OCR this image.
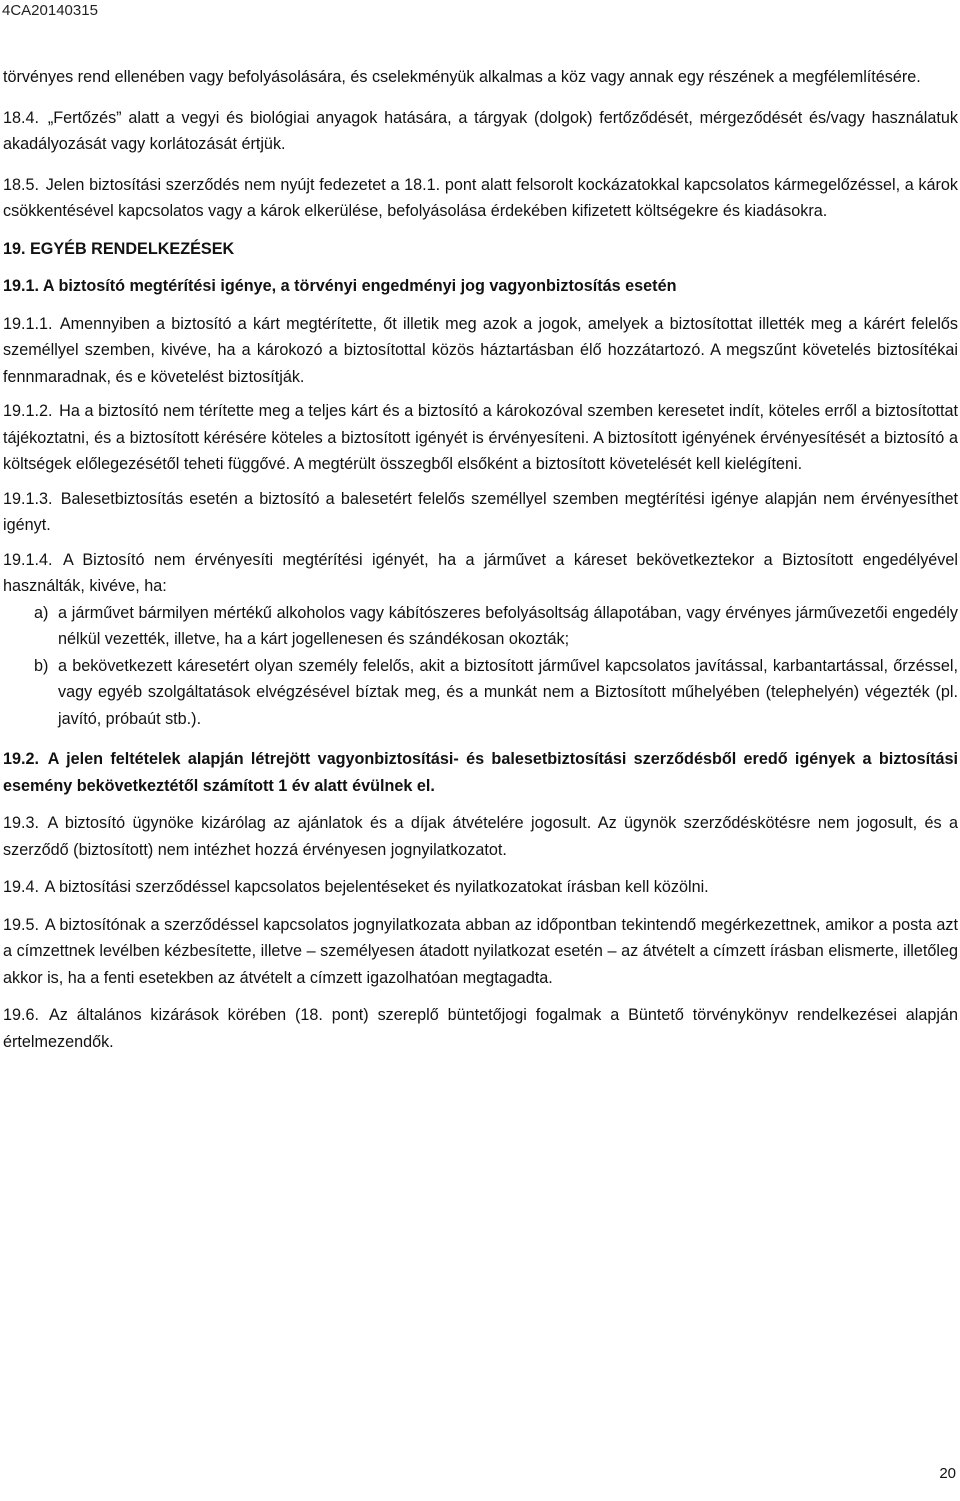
4CA20140315

törvényes rend ellenében vagy befolyásolására, és cselekményük alkalmas a köz vagy annak egy részének a megfélemlítésére.

18.4. „Fertőzés” alatt a vegyi és biológiai anyagok hatására, a tárgyak (dolgok) fertőződését, mérgeződését és/vagy használatuk akadályozását vagy korlátozását értjük.

18.5. Jelen biztosítási szerződés nem nyújt fedezetet a 18.1. pont alatt felsorolt kockázatokkal kapcsolatos kármegelőzéssel, a károk csökkentésével kapcsolatos vagy a károk elkerülése, befolyásolása érdekében kifizetett költségekre és kiadásokra.

19. EGYÉB RENDELKEZÉSEK
19.1. A biztosító megtérítési igénye, a törvényi engedményi jog vagyonbiztosítás esetén

19.1.1. Amennyiben a biztosító a kárt megtérítette, őt illetik meg azok a jogok, amelyek a biztosítottat illették meg a kárért felelős személlyel szemben, kivéve, ha a károkozó a biztosítottal közös háztartásban élő hozzátartozó. A megszűnt követelés biztosítékai fennmaradnak, és e követelést biztosítják.

19.1.2. Ha a biztosító nem térítette meg a teljes kárt és a biztosító a károkozóval szemben keresetet indít, köteles erről a biztosítottat tájékoztatni, és a biztosított kérésére köteles a biztosított igényét is érvényesíteni. A biztosított igényének érvényesítését a biztosító a költségek előlegezésétől teheti függővé. A megtérült összegből elsőként a biztosított követelését kell kielégíteni.

19.1.3. Balesetbiztosítás esetén a biztosító a balesetért felelős személlyel szemben megtérítési igénye alapján nem érvényesíthet igényt.

19.1.4. A Biztosító nem érvényesíti megtérítési igényét, ha a járművet a káreset bekövetkeztekor a Biztosított engedélyével használták, kivéve, ha:

a) a járművet bármilyen mértékű alkoholos vagy kábítószeres befolyásoltság állapotában, vagy érvényes járművezetői engedély nélkül vezették, illetve, ha a kárt jogellenesen és szándékosan okozták;
b) a bekövetkezett káresetért olyan személy felelős, akit a biztosított járművel kapcsolatos javítással, karbantartással, őrzéssel, vagy egyéb szolgáltatások elvégzésével bíztak meg, és a munkát nem a Biztosított műhelyében (telephelyén) végezték (pl. javító, próbaút stb.).

19.2. A jelen feltételek alapján létrejött vagyonbiztosítási- és balesetbiztosítási szerződésből eredő igények a biztosítási esemény bekövetkeztétől számított 1 év alatt évülnek el.

19.3. A biztosító ügynöke kizárólag az ajánlatok és a díjak átvételére jogosult. Az ügynök szerződéskötésre nem jogosult, és a szerződő (biztosított) nem intézhet hozzá érvényesen jognyilatkozatot.

19.4. A biztosítási szerződéssel kapcsolatos bejelentéseket és nyilatkozatokat írásban kell közölni.

19.5. A biztosítónak a szerződéssel kapcsolatos jognyilatkozata abban az időpontban tekintendő megérkezettnek, amikor a posta azt a címzettnek levélben kézbesítette, illetve – személyesen átadott nyilatkozat esetén – az átvételt a címzett írásban elismerte, illetőleg akkor is, ha a fenti esetekben az átvételt a címzett igazolhatóan megtagadta.

19.6. Az általános kizárások körében (18. pont) szereplő büntetőjogi fogalmak a Büntető törvénykönyv rendelkezései alapján értelmezendők.

20
